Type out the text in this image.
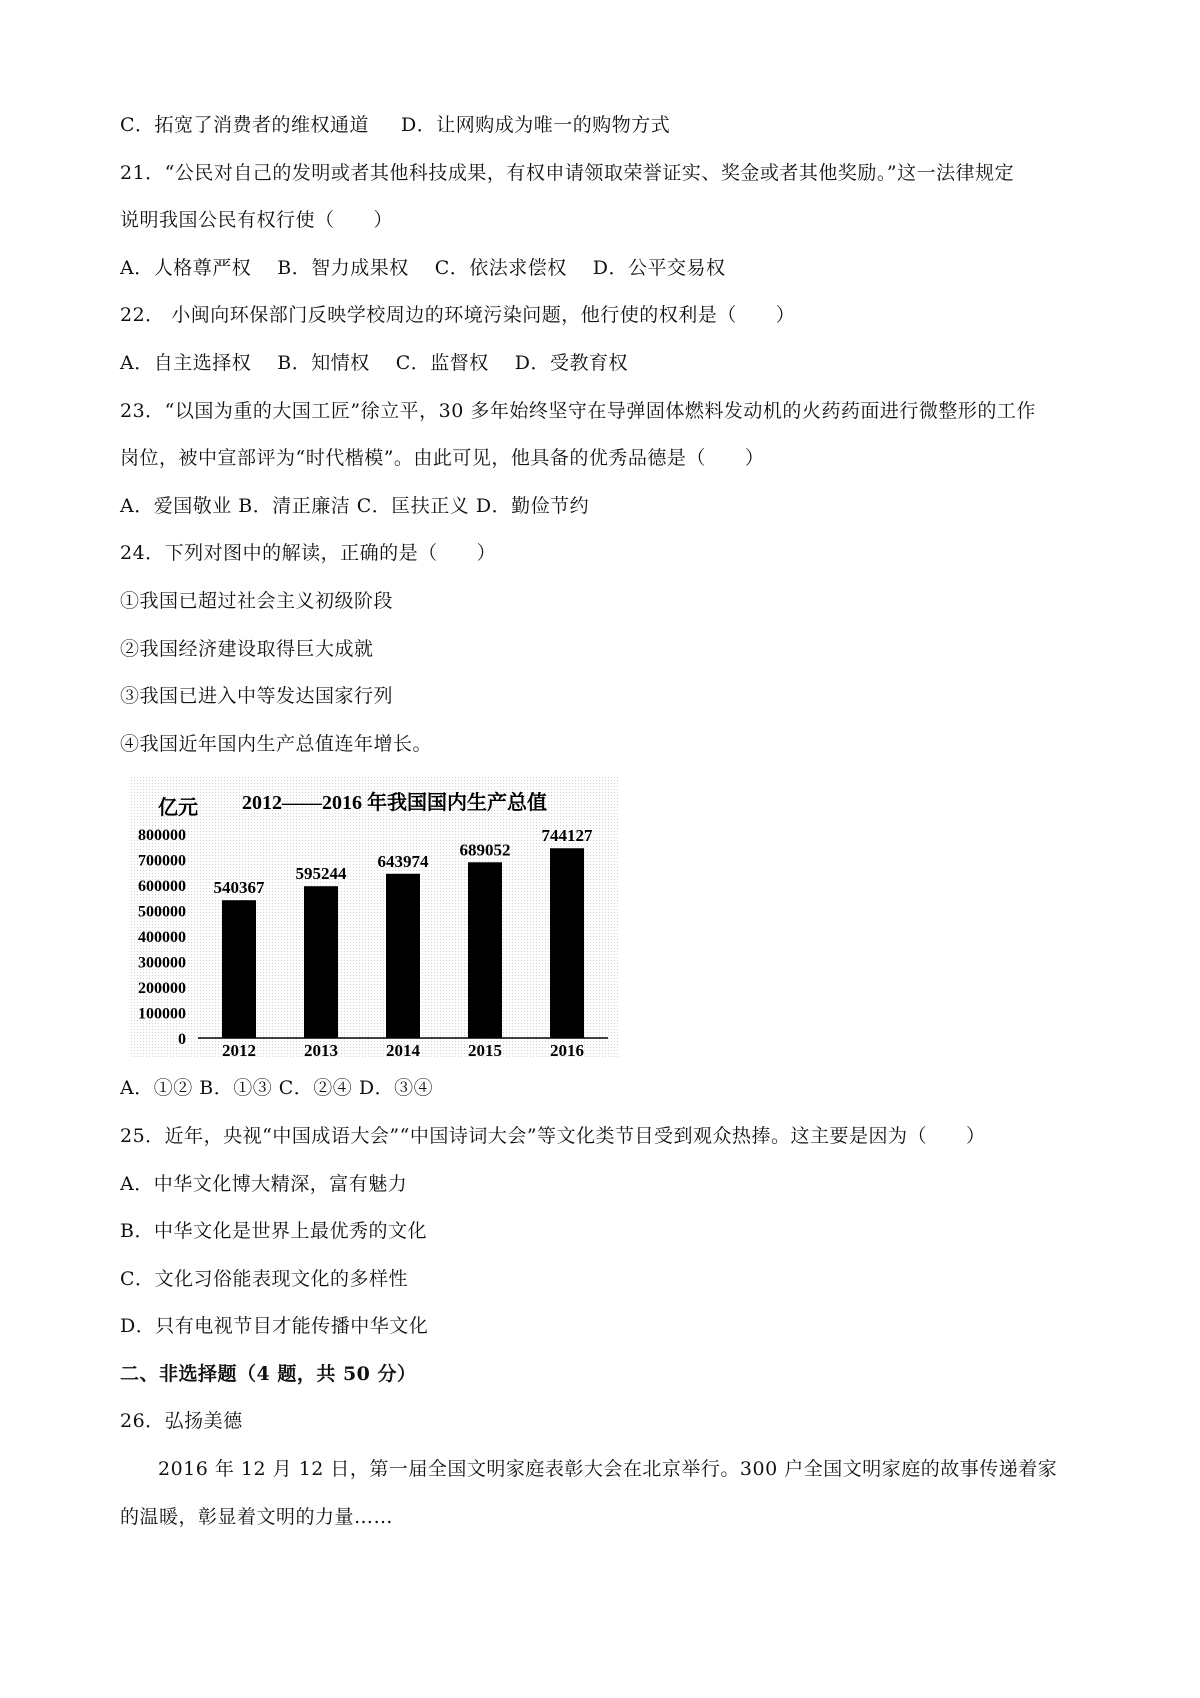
C．拓宽了消费者的维权通道 D．让网购成为唯一的购物方式
21．“公民对自己的发明或者其他科技成果，有权申请领取荣誉证实、奖金或者其他奖励。”这一法律规定
说明我国公民有权行使（　　）
A．人格尊严权 B．智力成果权 C．依法求偿权 D．公平交易权
22． 小闽向环保部门反映学校周边的环境污染问题，他行使的权利是（　　）
A．自主选择权 B．知情权 C．监督权 D．受教育权
23．“以国为重的大国工匠”徐立平，30 多年始终坚守在导弹固体燃料发动机的火药药面进行微整形的工作
岗位，被中宣部评为“时代楷模”。由此可见，他具备的优秀品德是（　　）
A．爱国敬业 B．清正廉洁 C．匡扶正义 D．勤俭节约
24．下列对图中的解读，正确的是（　　）
①我国已超过社会主义初级阶段
②我国经济建设取得巨大成就
③我国已进入中等发达国家行列
④我国近年国内生产总值连年增长。
亿元 2012——2016 年我国国内生产总值
800000
700000
600000
500000
400000
300000
200000
100000
0
540367
2012
595244
2013
643974
2014
689052
2015
744127
2016
A．①② B．①③ C．②④ D．③④
25．近年，央视“中国成语大会”“中国诗词大会”等文化类节目受到观众热捧。这主要是因为（　　）
A．中华文化博大精深，富有魅力
B．中华文化是世界上最优秀的文化
C．文化习俗能表现文化的多样性
D．只有电视节目才能传播中华文化
二、非选择题（4 题，共 50 分）
26．弘扬美德
2016 年 12 月 12 日，第一届全国文明家庭表彰大会在北京举行。300 户全国文明家庭的故事传递着家
的温暖，彰显着文明的力量……
